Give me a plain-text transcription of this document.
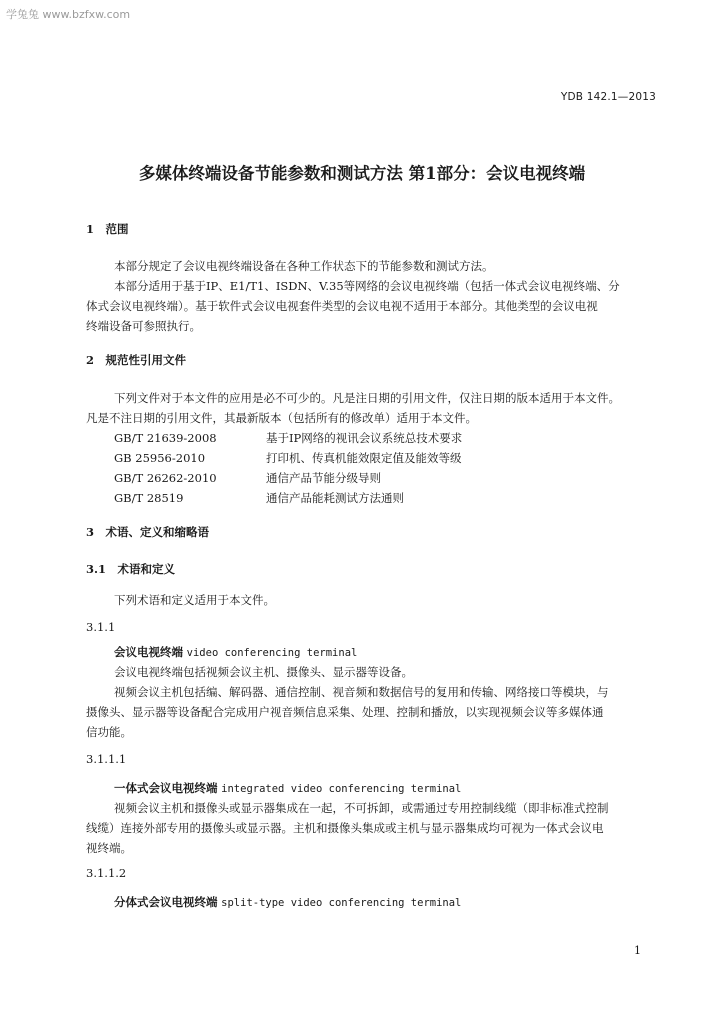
学兔兔 www.bzfxw.com
YDB 142.1—2013
多媒体终端设备节能参数和测试方法 第1部分：会议电视终端
1　范围
本部分规定了会议电视终端设备在各种工作状态下的节能参数和测试方法。
本部分适用于基于IP、E1/T1、ISDN、V.35等网络的会议电视终端（包括一体式会议电视终端、分
体式会议电视终端）。基于软件式会议电视套件类型的会议电视不适用于本部分。其他类型的会议电视
终端设备可参照执行。
2　规范性引用文件
下列文件对于本文件的应用是必不可少的。凡是注日期的引用文件，仅注日期的版本适用于本文件。
凡是不注日期的引用文件，其最新版本（包括所有的修改单）适用于本文件。
GB/T 21639-2008	基于IP网络的视讯会议系统总技术要求
GB 25956-2010	打印机、传真机能效限定值及能效等级
GB/T 26262-2010	通信产品节能分级导则
GB/T 28519	通信产品能耗测试方法通则
3　术语、定义和缩略语
3.1　术语和定义
下列术语和定义适用于本文件。
3.1.1
会议电视终端 video conferencing terminal
会议电视终端包括视频会议主机、摄像头、显示器等设备。
视频会议主机包括编、解码器、通信控制、视音频和数据信号的复用和传输、网络接口等模块，与
摄像头、显示器等设备配合完成用户视音频信息采集、处理、控制和播放，以实现视频会议等多媒体通
信功能。
3.1.1.1
一体式会议电视终端 integrated video conferencing terminal
视频会议主机和摄像头或显示器集成在一起，不可拆卸，或需通过专用控制线缆（即非标准式控制
线缆）连接外部专用的摄像头或显示器。主机和摄像头集成或主机与显示器集成均可视为一体式会议电
视终端。
3.1.1.2
分体式会议电视终端 split-type video conferencing terminal
1
